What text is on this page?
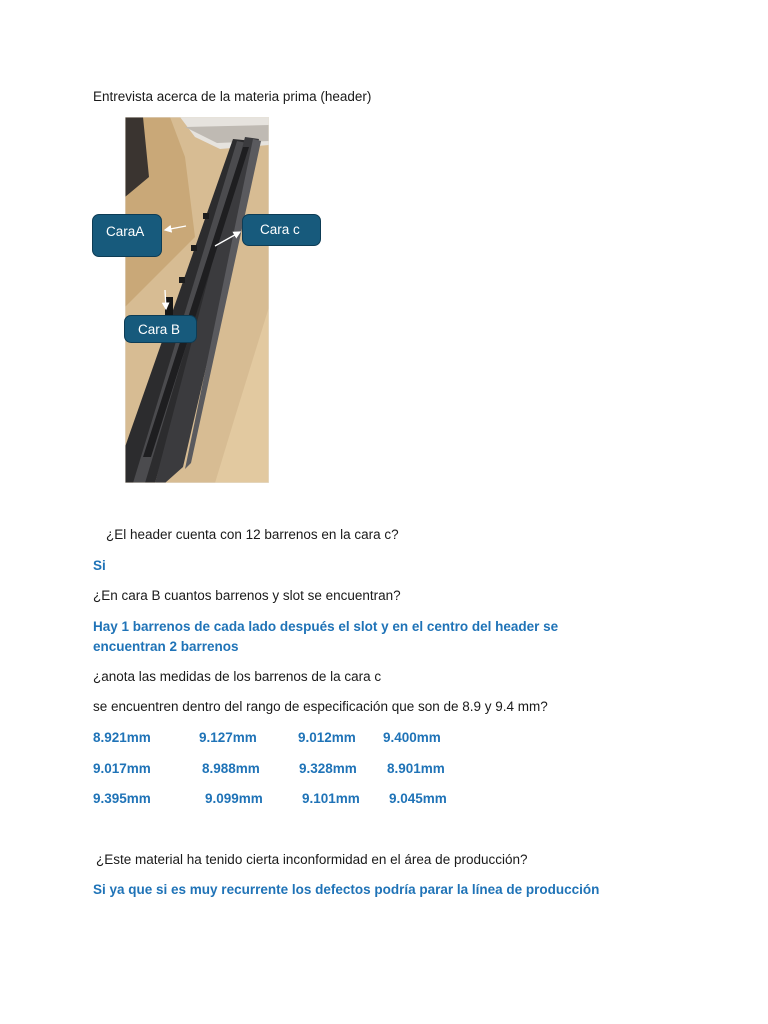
Entrevista acerca de la materia prima (header)
CaraA	Cara c
Cara B
¿El header cuenta con 12 barrenos en la cara c?
Si
¿En cara B cuantos barrenos y slot se encuentran?
Hay 1 barrenos de cada lado después el slot y en el centro del header se
encuentran 2 barrenos
¿anota las medidas de los barrenos de la cara c
se encuentren dentro del rango de especificación que son de 8.9 y 9.4 mm?
8.921mm	9.127mm	9.012mm 9.400mm
9.017mm	8.988mm	9.328mm 8.901mm
9.395mm	9.099mm	9.101mm 9.045mm
¿Este material ha tenido cierta inconformidad en el área de producción?
Si ya que si es muy recurrente los defectos podría parar la línea de producción
